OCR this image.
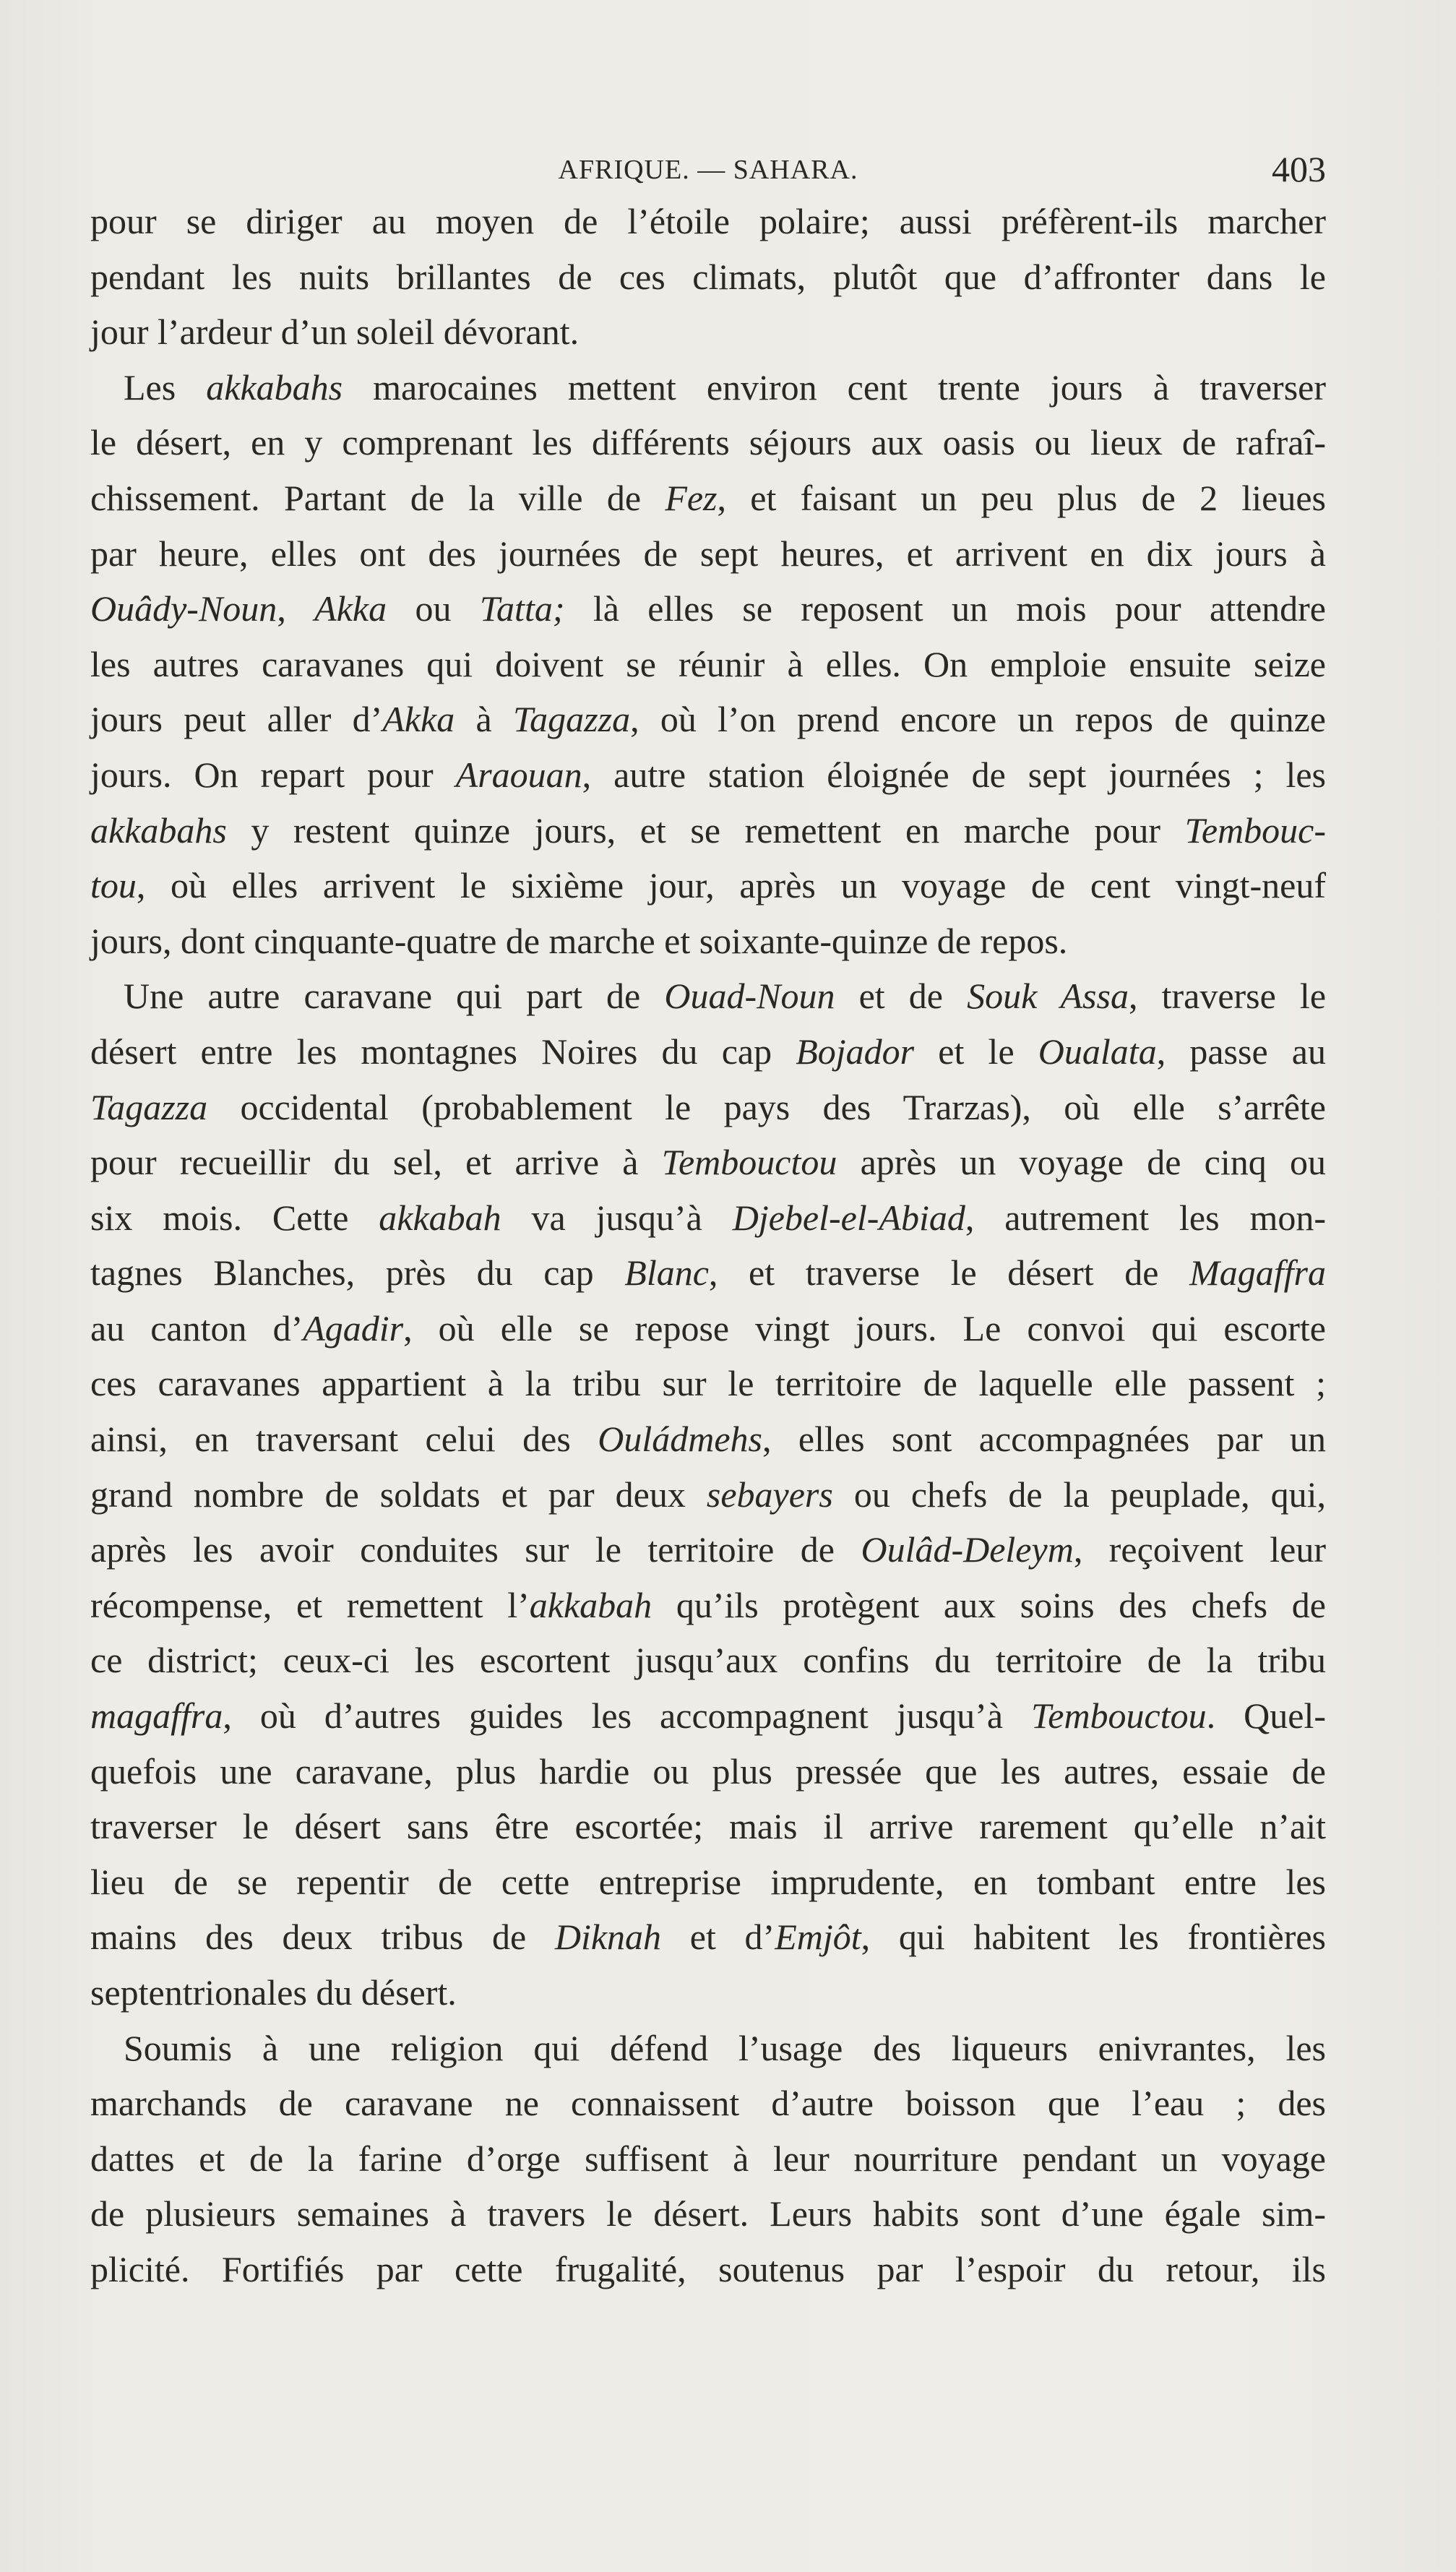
AFRIQUE. — SAHARA.	403
pour se diriger au moyen de l’étoile polaire; aussi préfèrent-ils marcher
pendant les nuits brillantes de ces climats, plutôt que d’affronter dans le
jour l’ardeur d’un soleil dévorant.
Les akkabahs marocaines mettent environ cent trente jours à traverser
le désert, en y comprenant les différents séjours aux oasis ou lieux de rafraî-
chissement. Partant de la ville de Fez, et faisant un peu plus de 2 lieues
par heure, elles ont des journées de sept heures, et arrivent en dix jours à
Ouâdy-Noun, Akka ou Tatta; là elles se reposent un mois pour attendre
les autres caravanes qui doivent se réunir à elles. On emploie ensuite seize
jours peut aller d’Akka à Tagazza, où l’on prend encore un repos de quinze
jours. On repart pour Araouan, autre station éloignée de sept journées ; les
akkabahs y restent quinze jours, et se remettent en marche pour Tembouc-
tou, où elles arrivent le sixième jour, après un voyage de cent vingt-neuf
jours, dont cinquante-quatre de marche et soixante-quinze de repos.
Une autre caravane qui part de Ouad-Noun et de Souk Assa, traverse le
désert entre les montagnes Noires du cap Bojador et le Oualata, passe au
Tagazza occidental (probablement le pays des Trarzas), où elle s’arrête
pour recueillir du sel, et arrive à Tembouctou après un voyage de cinq ou
six mois. Cette akkabah va jusqu’à Djebel-el-Abiad, autrement les mon-
tagnes Blanches, près du cap Blanc, et traverse le désert de Magaffra
au canton d’Agadir, où elle se repose vingt jours. Le convoi qui escorte
ces caravanes appartient à la tribu sur le territoire de laquelle elle passent ;
ainsi, en traversant celui des Ouládmehs, elles sont accompagnées par un
grand nombre de soldats et par deux sebayers ou chefs de la peuplade, qui,
après les avoir conduites sur le territoire de Oulâd-Deleym, reçoivent leur
récompense, et remettent l’akkabah qu’ils protègent aux soins des chefs de
ce district; ceux-ci les escortent jusqu’aux confins du territoire de la tribu
magaffra, où d’autres guides les accompagnent jusqu’à Tembouctou. Quel-
quefois une caravane, plus hardie ou plus pressée que les autres, essaie de
traverser le désert sans être escortée; mais il arrive rarement qu’elle n’ait
lieu de se repentir de cette entreprise imprudente, en tombant entre les
mains des deux tribus de Diknah et d’Emjôt, qui habitent les frontières
septentrionales du désert.
Soumis à une religion qui défend l’usage des liqueurs enivrantes, les
marchands de caravane ne connaissent d’autre boisson que l’eau ; des
dattes et de la farine d’orge suffisent à leur nourriture pendant un voyage
de plusieurs semaines à travers le désert. Leurs habits sont d’une égale sim-
plicité. Fortifiés par cette frugalité, soutenus par l’espoir du retour, ils
